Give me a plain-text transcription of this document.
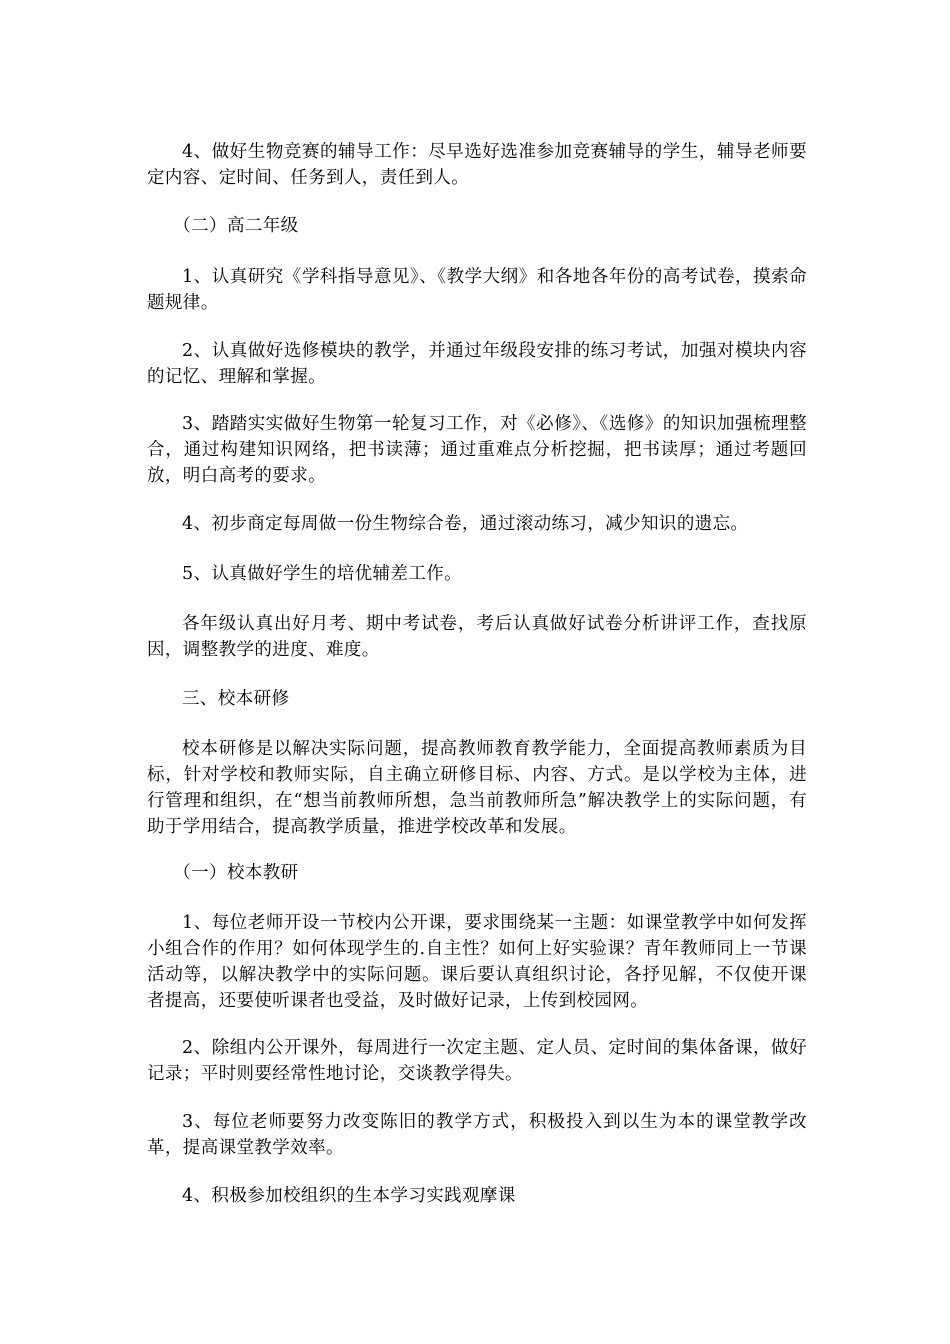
4、做好生物竞赛的辅导工作：尽早选好选准参加竞赛辅导的学生，辅导老师要定内容、定时间、任务到人，责任到人。

（二）高二年级

1、认真研究《学科指导意见》、《教学大纲》和各地各年份的高考试卷，摸索命题规律。

2、认真做好选修模块的教学，并通过年级段安排的练习考试，加强对模块内容的记忆、理解和掌握。

3、踏踏实实做好生物第一轮复习工作，对《必修》、《选修》的知识加强梳理整合，通过构建知识网络，把书读薄；通过重难点分析挖掘，把书读厚；通过考题回放，明白高考的要求。

4、初步商定每周做一份生物综合卷，通过滚动练习，减少知识的遗忘。

5、认真做好学生的培优辅差工作。

各年级认真出好月考、期中考试卷，考后认真做好试卷分析讲评工作，查找原因，调整教学的进度、难度。

三、校本研修

校本研修是以解决实际问题，提高教师教育教学能力，全面提高教师素质为目标，针对学校和教师实际，自主确立研修目标、内容、方式。是以学校为主体，进行管理和组织，在“想当前教师所想，急当前教师所急”解决教学上的实际问题，有助于学用结合，提高教学质量，推进学校改革和发展。

（一）校本教研

1、每位老师开设一节校内公开课，要求围绕某一主题：如课堂教学中如何发挥小组合作的作用？如何体现学生的.自主性？如何上好实验课？青年教师同上一节课活动等，以解决教学中的实际问题。课后要认真组织讨论，各抒见解，不仅使开课者提高，还要使听课者也受益，及时做好记录，上传到校园网。

2、除组内公开课外，每周进行一次定主题、定人员、定时间的集体备课，做好记录；平时则要经常性地讨论，交谈教学得失。

3、每位老师要努力改变陈旧的教学方式，积极投入到以生为本的课堂教学改革，提高课堂教学效率。

4、积极参加校组织的生本学习实践观摩课
